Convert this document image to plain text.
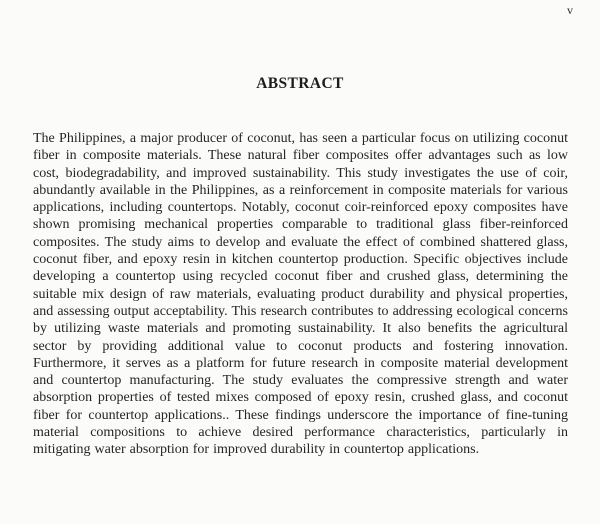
v
ABSTRACT

The Philippines, a major producer of coconut, has seen a particular focus on utilizing coconut fiber in composite materials. These natural fiber composites offer advantages such as low cost, biodegradability, and improved sustainability. This study investigates the use of coir, abundantly available in the Philippines, as a reinforcement in composite materials for various applications, including countertops. Notably, coconut coir-reinforced epoxy composites have shown promising mechanical properties comparable to traditional glass fiber-reinforced composites. The study aims to develop and evaluate the effect of combined shattered glass, coconut fiber, and epoxy resin in kitchen countertop production. Specific objectives include developing a countertop using recycled coconut fiber and crushed glass, determining the suitable mix design of raw materials, evaluating product durability and physical properties, and assessing output acceptability. This research contributes to addressing ecological concerns by utilizing waste materials and promoting sustainability. It also benefits the agricultural sector by providing additional value to coconut products and fostering innovation. Furthermore, it serves as a platform for future research in composite material development and countertop manufacturing. The study evaluates the compressive strength and water absorption properties of tested mixes composed of epoxy resin, crushed glass, and coconut fiber for countertop applications.. These findings underscore the importance of fine-tuning material compositions to achieve desired performance characteristics, particularly in mitigating water absorption for improved durability in countertop applications.
